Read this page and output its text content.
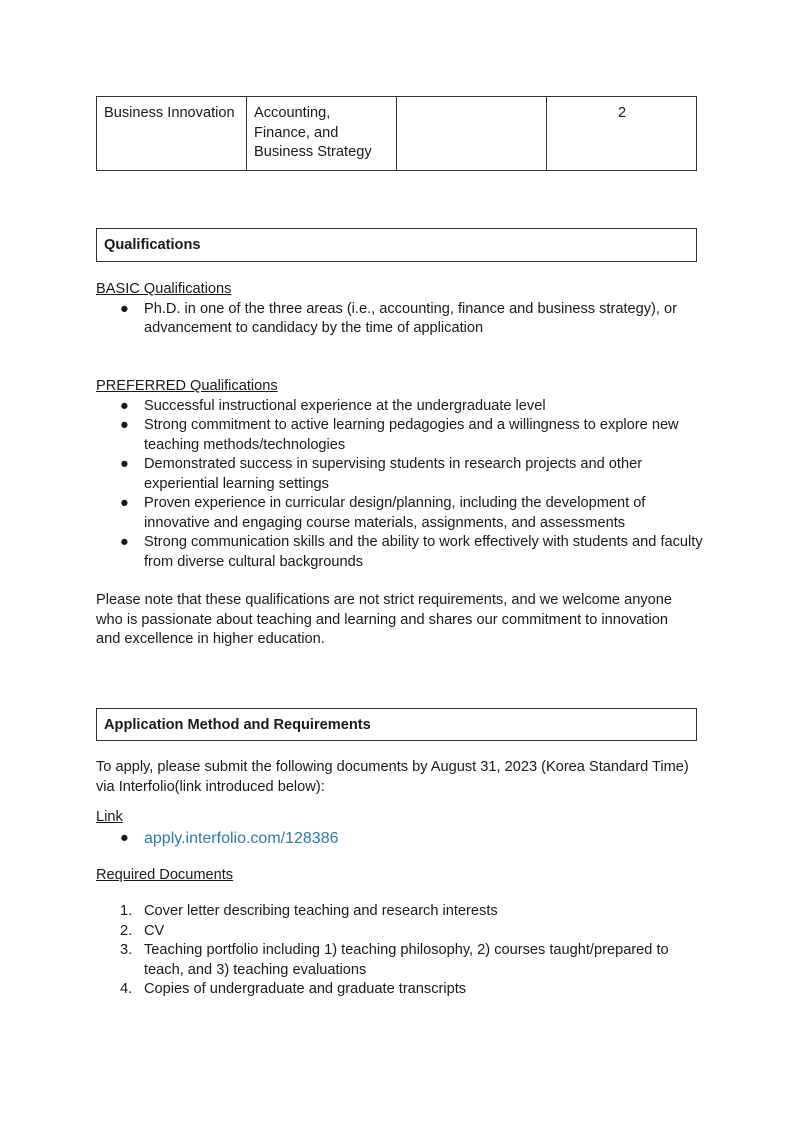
Business Innovation	Accounting, Finance, and Business Strategy		2
Qualifications
BASIC Qualifications
● Ph.D. in one of the three areas (i.e., accounting, finance and business strategy), or advancement to candidacy by the time of application
PREFERRED Qualifications
● Successful instructional experience at the undergraduate level
● Strong commitment to active learning pedagogies and a willingness to explore new teaching methods/technologies
● Demonstrated success in supervising students in research projects and other experiential learning settings
● Proven experience in curricular design/planning, including the development of innovative and engaging course materials, assignments, and assessments
● Strong communication skills and the ability to work effectively with students and faculty from diverse cultural backgrounds
Please note that these qualifications are not strict requirements, and we welcome anyone who is passionate about teaching and learning and shares our commitment to innovation and excellence in higher education.
Application Method and Requirements
To apply, please submit the following documents by August 31, 2023 (Korea Standard Time) via Interfolio(link introduced below):
Link
● apply.interfolio.com/128386
Required Documents
1. Cover letter describing teaching and research interests
2. CV
3. Teaching portfolio including 1) teaching philosophy, 2) courses taught/prepared to teach, and 3) teaching evaluations
4. Copies of undergraduate and graduate transcripts
